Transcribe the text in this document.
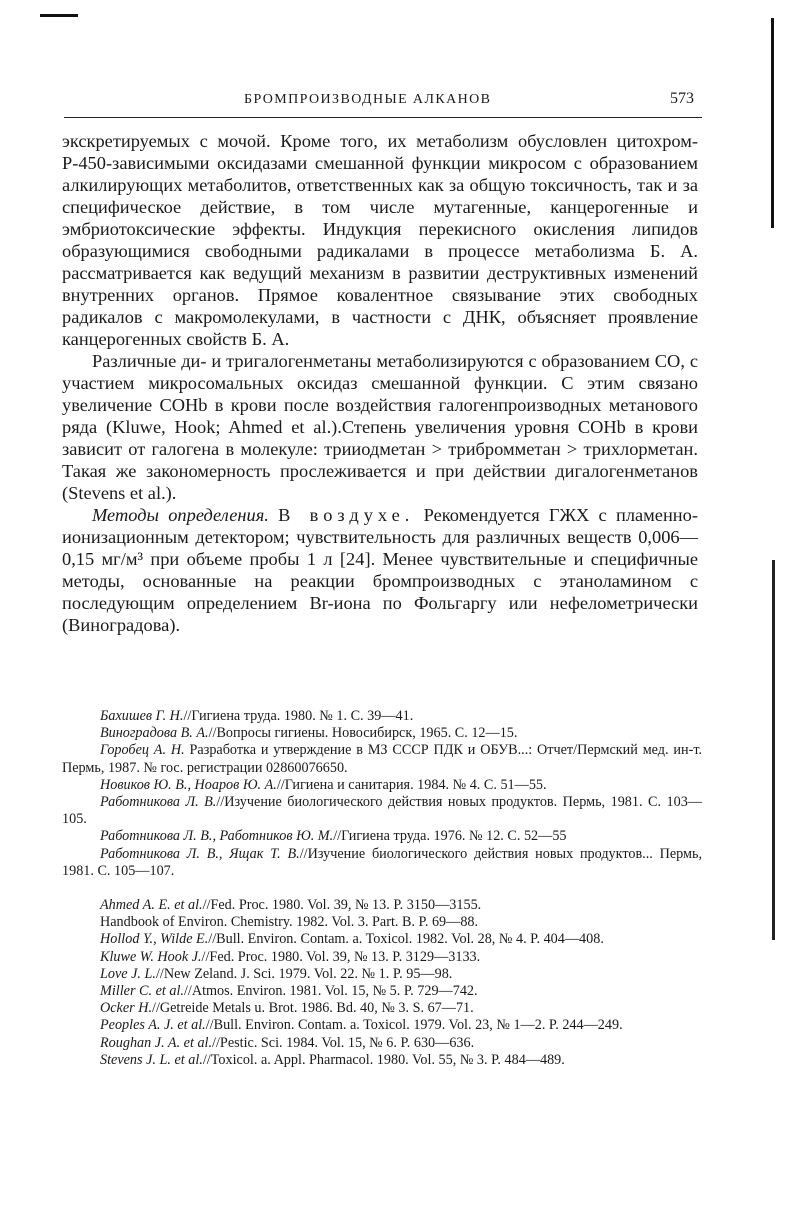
БРОМПРОИЗВОДНЫЕ АЛКАНОВ	573

экскретируемых с мочой. Кроме того, их метаболизм обусловлен цитохром-Р-450-зависимыми оксидазами смешанной функции микросом с образованием алкилирующих метаболитов, ответственных как за общую токсичность, так и за специфическое действие, в том числе мутагенные, канцерогенные и эмбриотоксические эффекты. Индукция перекисного окисления липидов образующимися свободными радикалами в процессе метаболизма Б. А. рассматривается как ведущий механизм в развитии деструктивных изменений внутренних органов. Прямое ковалентное связывание этих свободных радикалов с макромолекулами, в частности с ДНК, объясняет проявление канцерогенных свойств Б. А.

Различные ди- и тригалогенметаны метаболизируются с образованием СО, с участием микросомальных оксидаз смешанной функции. С этим связано увеличение COHb в крови после воздействия галогенпроизводных метанового ряда (Kluwe, Hook; Ahmed et al.).Степень увеличения уровня COHb в крови зависит от галогена в молекуле: трииодметан > трибромметан > трихлорметан. Такая же закономерность прослеживается и при действии дигалогенметанов (Stevens et al.).

Методы определения. В воздухе. Рекомендуется ГЖХ с пламенно-ионизационным детектором; чувствительность для различных веществ 0,006—0,15 мг/м³ при объеме пробы 1 л [24]. Менее чувствительные и специфичные методы, основанные на реакции бромпроизводных с этаноламином с последующим определением Br-иона по Фольгаргу или нефелометрически (Виноградова).

Бахишев Г. Н.//Гигиена труда. 1980. № 1. С. 39—41.

Виноградова В. А.//Вопросы гигиены. Новосибирск, 1965. С. 12—15.

Горобец А. Н. Разработка и утверждение в МЗ СССР ПДК и ОБУВ...: Отчет/Пермский мед. ин-т. Пермь, 1987. № гос. регистрации 02860076650.

Новиков Ю. В., Ноаров Ю. А.//Гигиена и санитария. 1984. № 4. С. 51—55.

Работникова Л. В.//Изучение биологического действия новых продуктов. Пермь, 1981. С. 103—105.

Работникова Л. В., Работников Ю. М.//Гигиена труда. 1976. № 12. С. 52—55

Работникова Л. В., Ящак Т. В.//Изучение биологического действия новых продуктов... Пермь, 1981. С. 105—107.

Ahmed A. E. et al.//Fed. Proc. 1980. Vol. 39, № 13. P. 3150—3155.

Handbook of Environ. Chemistry. 1982. Vol. 3. Part. B. P. 69—88.

Hollod Y., Wilde E.//Bull. Environ. Contam. a. Toxicol. 1982. Vol. 28, № 4. P. 404—408.

Kluwe W. Hook J.//Fed. Proc. 1980. Vol. 39, № 13. P. 3129—3133.

Love J. L.//New Zeland. J. Sci. 1979. Vol. 22. № 1. P. 95—98.

Miller C. et al.//Atmos. Environ. 1981. Vol. 15, № 5. P. 729—742.

Ocker H.//Getreide Metals u. Brot. 1986. Bd. 40, № 3. S. 67—71.

Peoples A. J. et al.//Bull. Environ. Contam. a. Toxicol. 1979. Vol. 23, № 1—2. P. 244—249.

Roughan J. A. et al.//Pestic. Sci. 1984. Vol. 15, № 6. P. 630—636.

Stevens J. L. et al.//Toxicol. a. Appl. Pharmacol. 1980. Vol. 55, № 3. P. 484—489.
